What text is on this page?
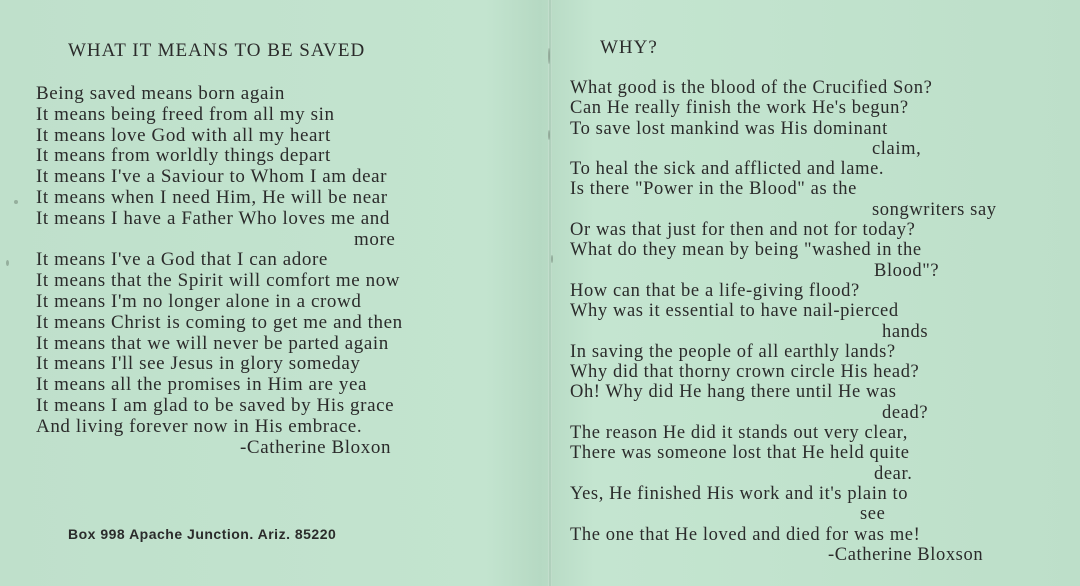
WHAT IT MEANS TO BE SAVED
Being saved means born again
It means being freed from all my sin
It means love God with all my heart
It means from worldly things depart
It means I've a Saviour to Whom I am dear
It means when I need Him, He will be near
It means I have a Father Who loves me and
more
It means I've a God that I can adore
It means that the Spirit will comfort me now
It means I'm no longer alone in a crowd
It means Christ is coming to get me and then
It means that we will never be parted again
It means I'll see Jesus in glory someday
It means all the promises in Him are yea
It means I am glad to be saved by His grace
And living forever now in His embrace.
-Catherine Bloxon
Box 998 Apache Junction. Ariz. 85220
WHY?
What good is the blood of the Crucified Son?
Can He really finish the work He's begun?
To save lost mankind was His dominant
claim,
To heal the sick and afflicted and lame.
Is there "Power in the Blood" as the
songwriters say
Or was that just for then and not for today?
What do they mean by being "washed in the
Blood"?
How can that be a life-giving flood?
Why was it essential to have nail-pierced
hands
In saving the people of all earthly lands?
Why did that thorny crown circle His head?
Oh! Why did He hang there until He was
dead?
The reason He did it stands out very clear,
There was someone lost that He held quite
dear.
Yes, He finished His work and it's plain to
see
The one that He loved and died for was me!
-Catherine Bloxson
